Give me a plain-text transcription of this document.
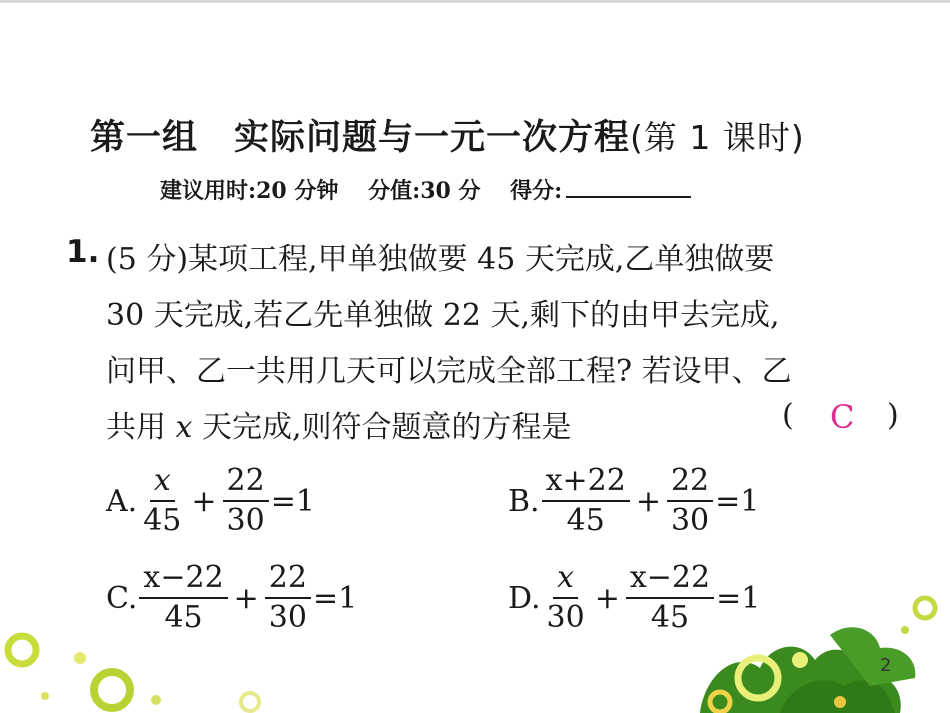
第一组　实际问题与一元一次方程(第 1 课时)
建议用时:20 分钟 分值:30 分 得分:
1. (5 分)某项工程,甲单独做要 45 天完成,乙单独做要
30 天完成,若乙先单独做 22 天,剩下的由甲去完成,
问甲、乙一共用几天可以完成全部工程? 若设甲、乙
共用 x 天完成,则符合题意的方程是	( C )
A. $\frac{x}{45} + \frac{22}{30} =1$	B. $\frac{x+22}{45} + \frac{22}{30} =1$
C. $\frac{x-22}{45} + \frac{22}{30} =1$	D. $\frac{x}{30} + \frac{x-22}{45} =1$
2
